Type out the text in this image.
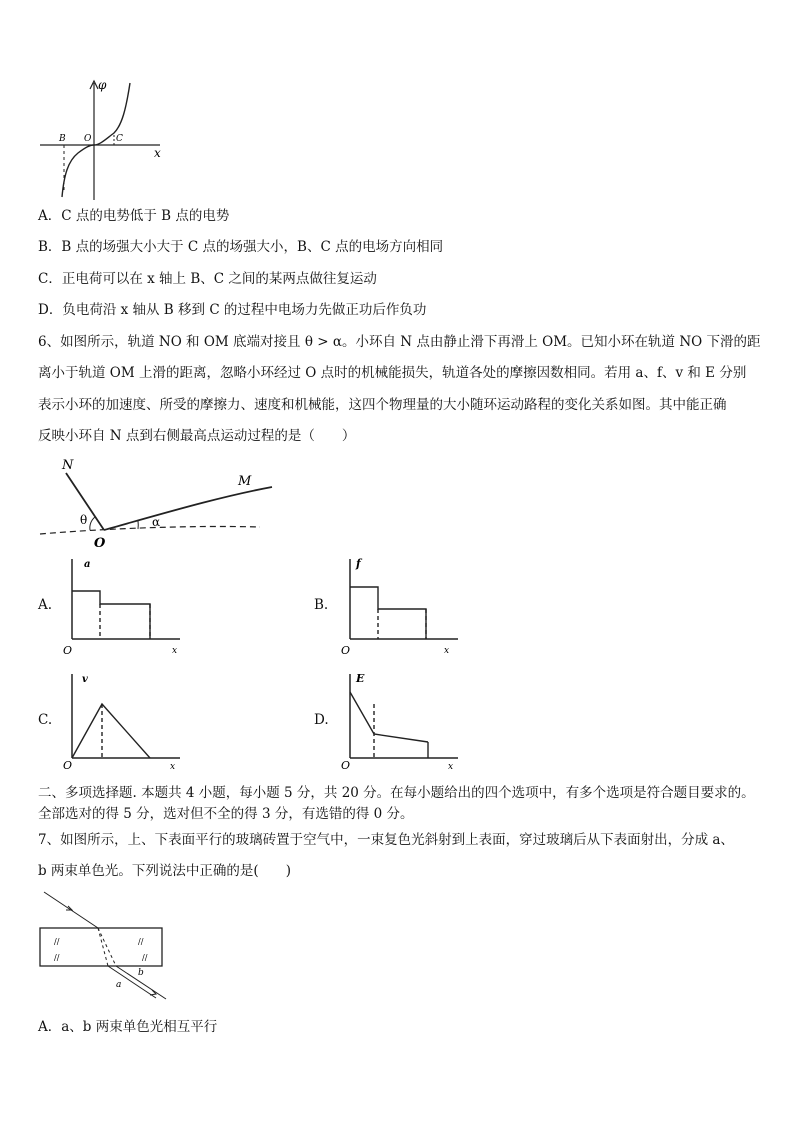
φ
x
B O	C
A．C 点的电势低于 B 点的电势
B．B 点的场强大小大于 C 点的场强大小，B、C 点的电场方向相同
C．正电荷可以在 x 轴上 B、C 之间的某两点做往复运动
D．负电荷沿 x 轴从 B 移到 C 的过程中电场力先做正功后作负功
6、如图所示，轨道 NO 和 OM 底端对接且 θ > α。小环自 N 点由静止滑下再滑上 OM。已知小环在轨道 NO 下滑的距
离小于轨道 OM 上滑的距离，忽略小环经过 O 点时的机械能损失，轨道各处的摩擦因数相同。若用 a、f、v 和 E 分别
表示小环的加速度、所受的摩擦力、速度和机械能，这四个物理量的大小随环运动路程的变化关系如图。其中能正确
反映小环自 N 点到右侧最高点运动过程的是（　　）
N
M
O
θ	α
A.
a
x
O
B.
f
x
O
C.
v
x
O
D.
E
x
O
二、多项选择题. 本题共 4 小题，每小题 5 分，共 20 分。在每小题给出的四个选项中，有多个选项是符合题目要求的。
全部选对的得 5 分，选对但不全的得 3 分，有选错的得 0 分。
7、如图所示，上、下表面平行的玻璃砖置于空气中，一束复色光斜射到上表面，穿过玻璃后从下表面射出，分成 a、
b 两束单色光。下列说法中正确的是(　　)
//	//
//	//
a
b
A．a、b 两束单色光相互平行
